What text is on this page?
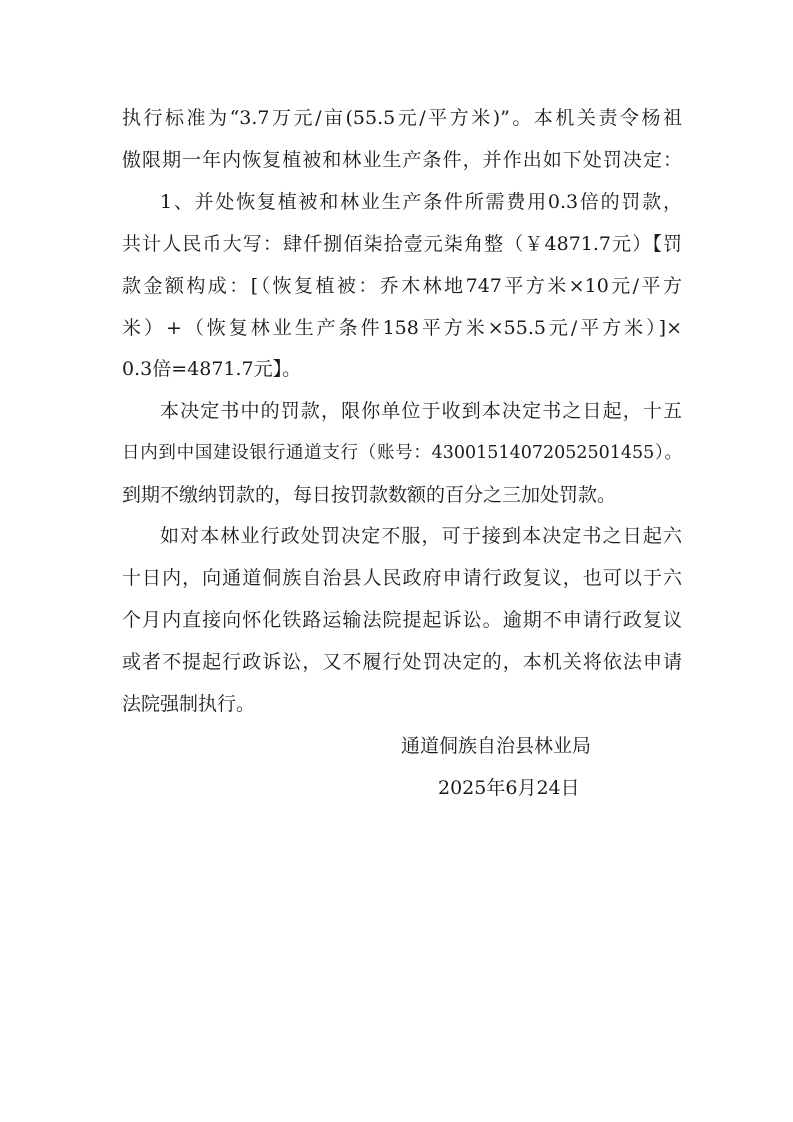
执行标准为“3.7万元/亩(55.5元/平方米)”。本机关责令杨祖
傲限期一年内恢复植被和林业生产条件，并作出如下处罚决定：
1、并处恢复植被和林业生产条件所需费用0.3倍的罚款，
共计人民币大写：肆仟捌佰柒拾壹元柒角整（￥4871.7元）【罚
款金额构成：[（恢复植被：乔木林地747平方米×10元/平方
米）+（恢复林业生产条件158平方米×55.5元/平方米）]×
0.3倍=4871.7元】。
本决定书中的罚款，限你单位于收到本决定书之日起，十五
日内到中国建设银行通道支行（账号：43001514072052501455）。
到期不缴纳罚款的，每日按罚款数额的百分之三加处罚款。
如对本林业行政处罚决定不服，可于接到本决定书之日起六
十日内，向通道侗族自治县人民政府申请行政复议，也可以于六
个月内直接向怀化铁路运输法院提起诉讼。逾期不申请行政复议
或者不提起行政诉讼，又不履行处罚决定的，本机关将依法申请
法院强制执行。
通道侗族自治县林业局
2025年6月24日
